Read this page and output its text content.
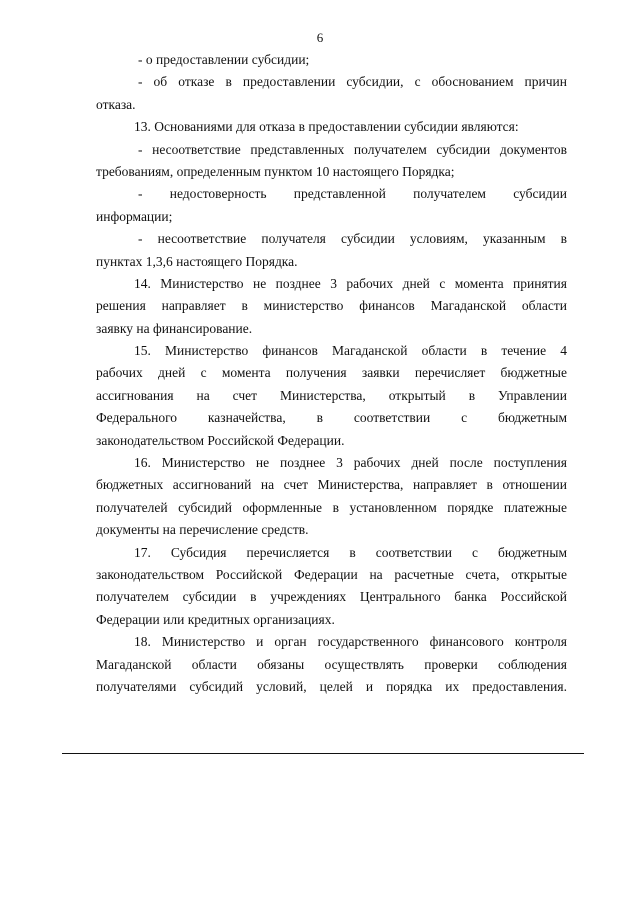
6
- о предоставлении субсидии;
- об отказе в предоставлении субсидии, с обоснованием причин
отказа.
13. Основаниями для отказа в предоставлении субсидии являются:
- несоответствие представленных получателем субсидии документов
требованиям, определенным пунктом 10 настоящего Порядка;
- недостоверность представленной получателем субсидии
информации;
- несоответствие получателя субсидии условиям, указанным в
пунктах 1,3,6 настоящего Порядка.
14. Министерство не позднее 3 рабочих дней с момента принятия
решения направляет в министерство финансов Магаданской области
заявку на финансирование.
15. Министерство финансов Магаданской области в течение 4
рабочих дней с момента получения заявки перечисляет бюджетные
ассигнования на счет Министерства, открытый в Управлении
Федерального казначейства, в соответствии с бюджетным
законодательством Российской Федерации.
16. Министерство не позднее 3 рабочих дней после поступления
бюджетных ассигнований на счет Министерства, направляет в отношении
получателей субсидий оформленные в установленном порядке платежные
документы на перечисление средств.
17. Субсидия перечисляется в соответствии с бюджетным
законодательством Российской Федерации на расчетные счета, открытые
получателем субсидии в учреждениях Центрального банка Российской
Федерации или кредитных организациях.
18. Министерство и орган государственного финансового контроля
Магаданской области обязаны осуществлять проверки соблюдения
получателями субсидий условий, целей и порядка их предоставления.
